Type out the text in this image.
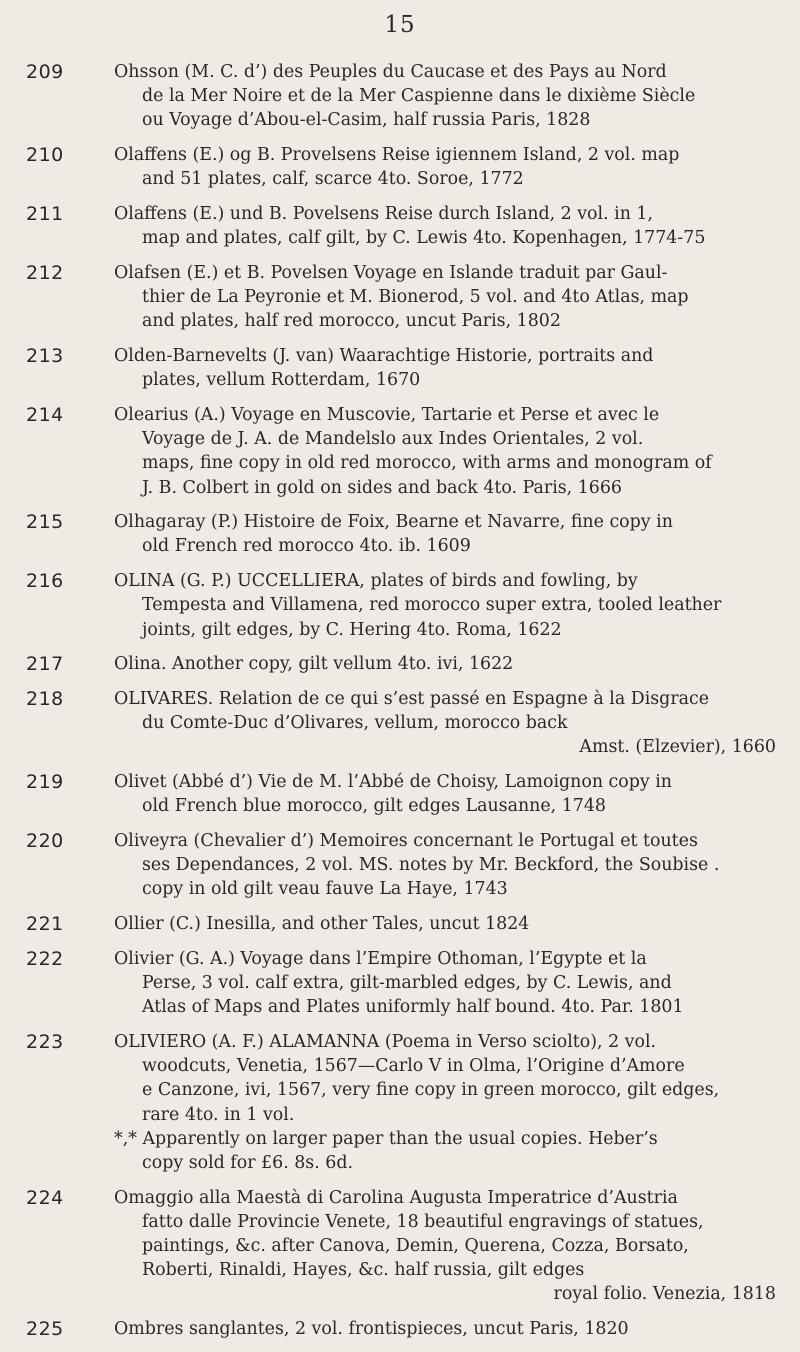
15
209	Ohsson (M. C. d’) des Peuples du Caucase et des Pays au Nord
de la Mer Noire et de la Mer Caspienne dans le dixième Siècle
ou Voyage d’Abou-el-Casim, half russia Paris, 1828
210	Olaffens (E.) og B. Provelsens Reise igiennem Island, 2 vol. map
and 51 plates, calf, scarce 4to. Soroe, 1772
211	Olaffens (E.) und B. Povelsens Reise durch Island, 2 vol. in 1,
map and plates, calf gilt, by C. Lewis 4to. Kopenhagen, 1774-75
212	Olafsen (E.) et B. Povelsen Voyage en Islande traduit par Gaul-
thier de La Peyronie et M. Bionerod, 5 vol. and 4to Atlas, map
and plates, half red morocco, uncut Paris, 1802
213	Olden-Barnevelts (J. van) Waarachtige Historie, portraits and
plates, vellum Rotterdam, 1670
214	Olearius (A.) Voyage en Muscovie, Tartarie et Perse et avec le
Voyage de J. A. de Mandelslo aux Indes Orientales, 2 vol.
maps, fine copy in old red morocco, with arms and monogram of
J. B. Colbert in gold on sides and back 4to. Paris, 1666
215	Olhagaray (P.) Histoire de Foix, Bearne et Navarre, fine copy in
old French red morocco 4to. ib. 1609
216	OLINA (G. P.) UCCELLIERA, plates of birds and fowling, by
Tempesta and Villamena, red morocco super extra, tooled leather
joints, gilt edges, by C. Hering 4to. Roma, 1622
217	Olina. Another copy, gilt vellum 4to. ivi, 1622
218	OLIVARES. Relation de ce qui s’est passé en Espagne à la Disgrace
du Comte-Duc d’Olivares, vellum, morocco back
Amst. (Elzevier), 1660
219	Olivet (Abbé d’) Vie de M. l’Abbé de Choisy, Lamoignon copy in
old French blue morocco, gilt edges Lausanne, 1748
220	Oliveyra (Chevalier d’) Memoires concernant le Portugal et toutes
ses Dependances, 2 vol. MS. notes by Mr. Beckford, the Soubise .
copy in old gilt veau fauve La Haye, 1743
221	Ollier (C.) Inesilla, and other Tales, uncut 1824
222	Olivier (G. A.) Voyage dans l’Empire Othoman, l’Egypte et la
Perse, 3 vol. calf extra, gilt-marbled edges, by C. Lewis, and
Atlas of Maps and Plates uniformly half bound. 4to. Par. 1801
223	OLIVIERO (A. F.) ALAMANNA (Poema in Verso sciolto), 2 vol.
woodcuts, Venetia, 1567—Carlo V in Olma, l’Origine d’Amore
e Canzone, ivi, 1567, very fine copy in green morocco, gilt edges,
rare 4to. in 1 vol.
*,* Apparently on larger paper than the usual copies. Heber’s
copy sold for £6. 8s. 6d.
224	Omaggio alla Maestà di Carolina Augusta Imperatrice d’Austria
fatto dalle Provincie Venete, 18 beautiful engravings of statues,
paintings, &c. after Canova, Demin, Querena, Cozza, Borsato,
Roberti, Rinaldi, Hayes, &c. half russia, gilt edges
royal folio. Venezia, 1818
225	Ombres sanglantes, 2 vol. frontispieces, uncut Paris, 1820
